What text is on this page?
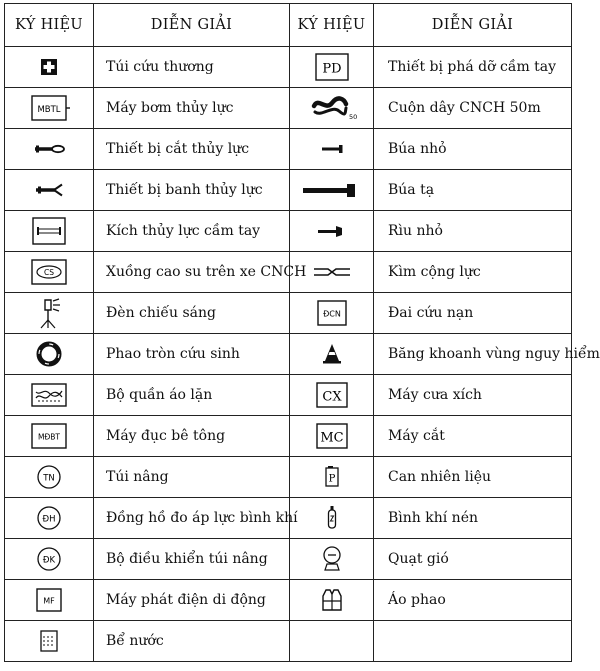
KÝ HIỆU	DIỄN GIẢI	KÝ HIỆU	DIỄN GIẢI

	Túi cứu thương	PD	Thiết bị phá dỡ cầm tay

MBTL	Máy bơm thủy lực	50	Cuộn dây CNCH 50m

	Thiết bị cắt thủy lực		Búa nhỏ

	Thiết bị banh thủy lực		Búa tạ

	Kích thủy lực cầm tay		Rìu nhỏ

CS	Xuồng cao su trên xe CNCH		Kìm cộng lực

	Đèn chiếu sáng	ĐCN	Đai cứu nạn

	Phao tròn cứu sinh		Băng khoanh vùng nguy hiểm

	Bộ quần áo lặn	CX	Máy cưa xích

MĐBT	Máy đục bê tông	MC	Máy cắt

TN	Túi nâng	P	Can nhiên liệu

ĐH	Đồng hồ đo áp lực bình khí		Bình khí nén

ĐK	Bộ điều khiển túi nâng		Quạt gió

MF	Máy phát điện di động		Áo phao

	Bể nước		
